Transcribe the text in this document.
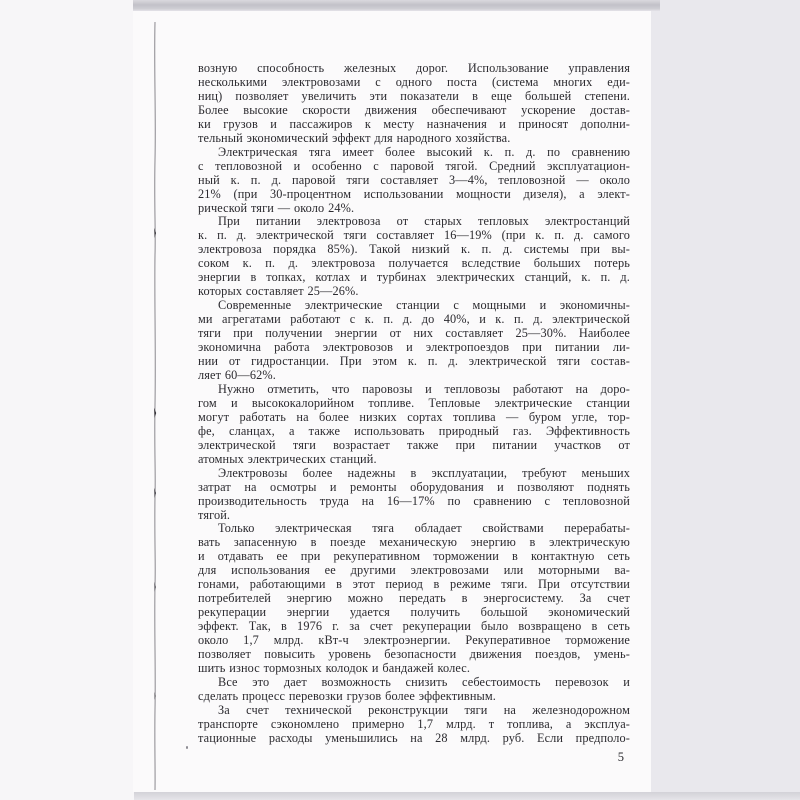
возную способность железных дорог. Использование управления
несколькими электровозами с одного поста (система многих еди-
ниц) позволяет увеличить эти показатели в еще большей степени.
Более высокие скорости движения обеспечивают ускорение достав-
ки грузов и пассажиров к месту назначения и приносят дополни-
тельный экономический эффект для народного хозяйства.

Электрическая тяга имеет более высокий к. п. д. по сравнению
с тепловозной и особенно с паровой тягой. Средний эксплуатацион-
ный к. п. д. паровой тяги составляет 3—4%, тепловозной — около
21% (при 30-процентном использовании мощности дизеля), а элект-
рической тяги — около 24%.

При питании электровоза от старых тепловых электростанций
к. п. д. электрической тяги составляет 16—19% (при к. п. д. самого
электровоза порядка 85%). Такой низкий к. п. д. системы при вы-
соком к. п. д. электровоза получается вследствие больших потерь
энергии в топках, котлах и турбинах электрических станций, к. п. д.
которых составляет 25—26%.

Современные электрические станции с мощными и экономичны-
ми агрегатами работают с к. п. д. до 40%, и к. п. д. электрической
тяги при получении энергии от них составляет 25—30%. Наиболее
экономична работа электровозов и электропоездов при питании ли-
нии от гидростанции. При этом к. п. д. электрической тяги состав-
ляет 60—62%.

Нужно отметить, что паровозы и тепловозы работают на доро-
гом и высококалорийном топливе. Тепловые электрические станции
могут работать на более низких сортах топлива — буром угле, тор-
фе, сланцах, а также использовать природный газ. Эффективность
электрической тяги возрастает также при питании участков от
атомных электрических станций.

Электровозы более надежны в эксплуатации, требуют меньших
затрат на осмотры и ремонты оборудования и позволяют поднять
производительность труда на 16—17% по сравнению с тепловозной
тягой.

Только электрическая тяга обладает свойствами перерабаты-
вать запасенную в поезде механическую энергию в электрическую
и отдавать ее при рекуперативном торможении в контактную сеть
для использования ее другими электровозами или моторными ва-
гонами, работающими в этот период в режиме тяги. При отсутствии
потребителей энергию можно передать в энергосистему. За счет
рекуперации энергии удается получить большой экономический
эффект. Так, в 1976 г. за счет рекуперации было возвращено в сеть
около 1,7 млрд. кВт-ч электроэнергии. Рекуперативное торможение
позволяет повысить уровень безопасности движения поездов, умень-
шить износ тормозных колодок и бандажей колес.

Все это дает возможность снизить себестоимость перевозок и
сделать процесс перевозки грузов более эффективным.

За счет технической реконструкции тяги на железнодорожном
транспорте сэкономлено примерно 1,7 млрд. т топлива, а эксплуа-
тационные расходы уменьшились на 28 млрд. руб. Если предполо-

5
